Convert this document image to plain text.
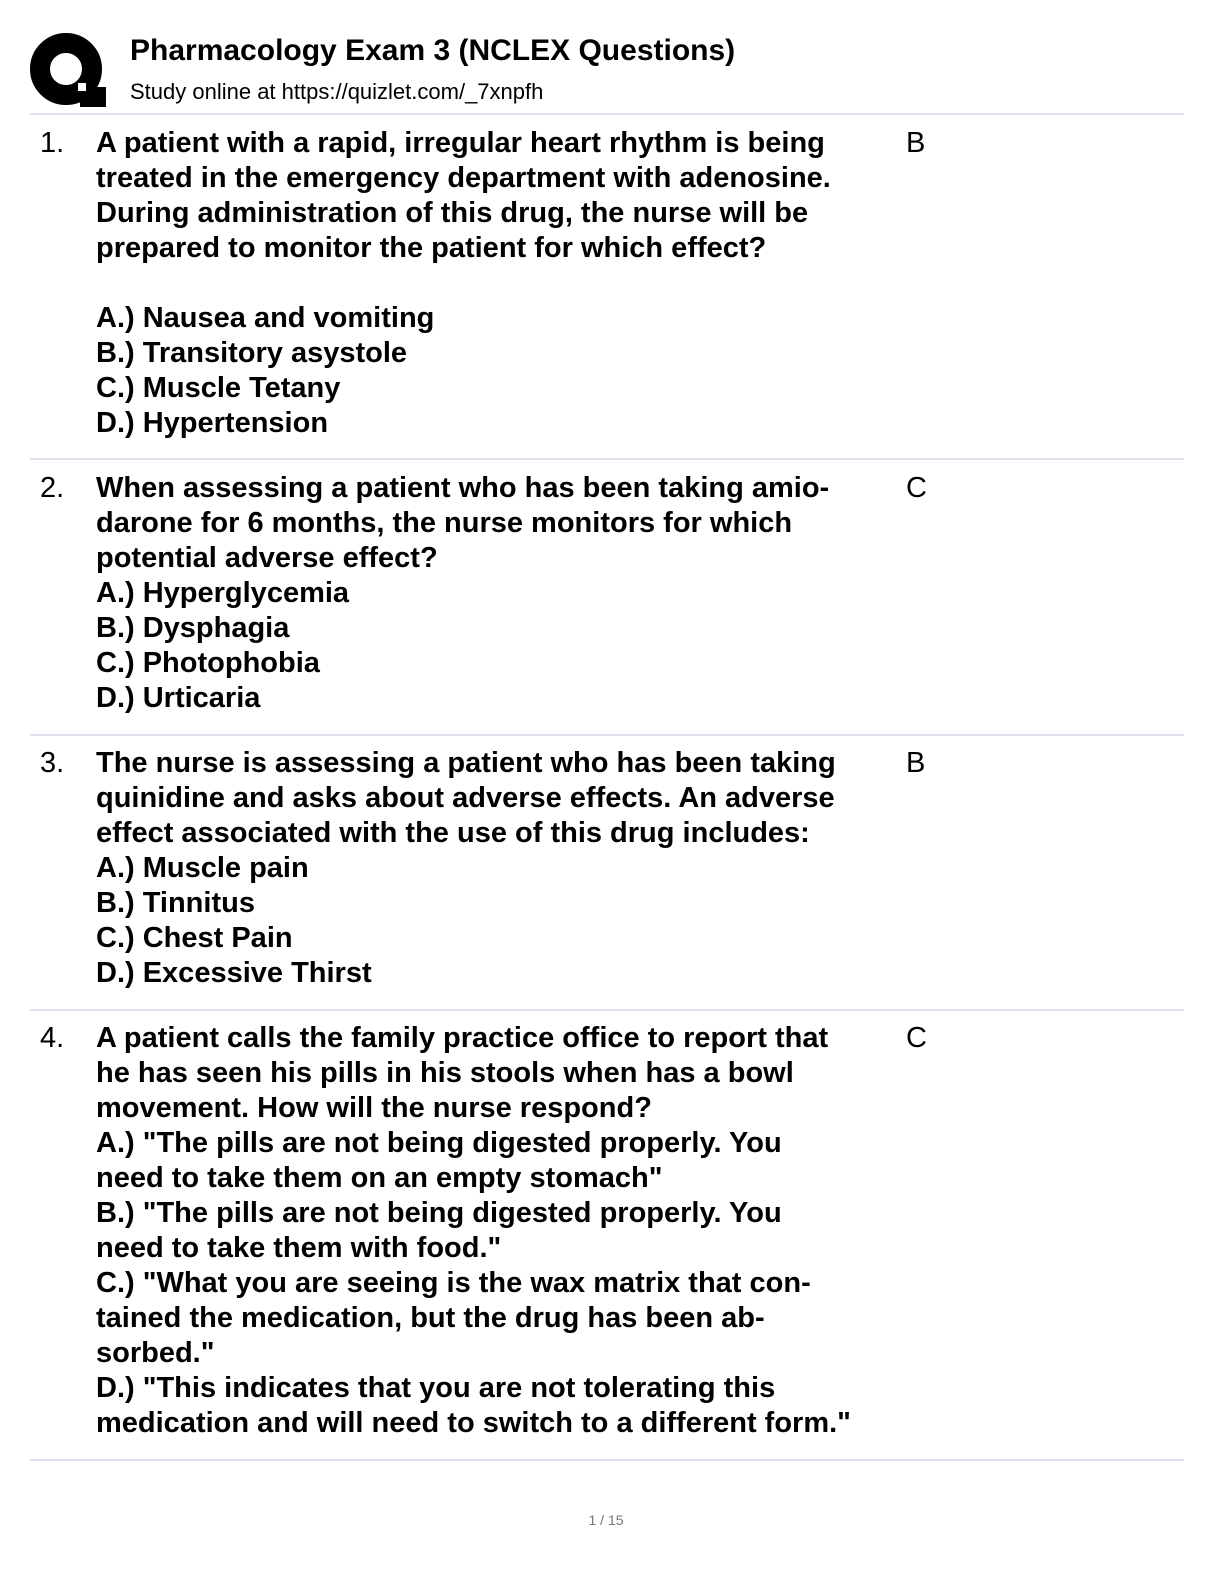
Pharmacology Exam 3 (NCLEX Questions)
Study online at https://quizlet.com/_7xnpfh
1. A patient with a rapid, irregular heart rhythm is being
treated in the emergency department with adenosine.
During administration of this drug, the nurse will be
prepared to monitor the patient for which effect?
A.) Nausea and vomiting
B.) Transitory asystole
C.) Muscle Tetany
D.) Hypertension
B
2. When assessing a patient who has been taking amio-
darone for 6 months, the nurse monitors for which
potential adverse effect?
A.) Hyperglycemia
B.) Dysphagia
C.) Photophobia
D.) Urticaria
C
3. The nurse is assessing a patient who has been taking
quinidine and asks about adverse effects. An adverse
effect associated with the use of this drug includes:
A.) Muscle pain
B.) Tinnitus
C.) Chest Pain
D.) Excessive Thirst
B
4. A patient calls the family practice office to report that
he has seen his pills in his stools when has a bowl
movement. How will the nurse respond?
A.) "The pills are not being digested properly. You
need to take them on an empty stomach"
B.) "The pills are not being digested properly. You
need to take them with food."
C.) "What you are seeing is the wax matrix that con-
tained the medication, but the drug has been ab-
sorbed."
D.) "This indicates that you are not tolerating this
medication and will need to switch to a different form."
C
1 / 15
